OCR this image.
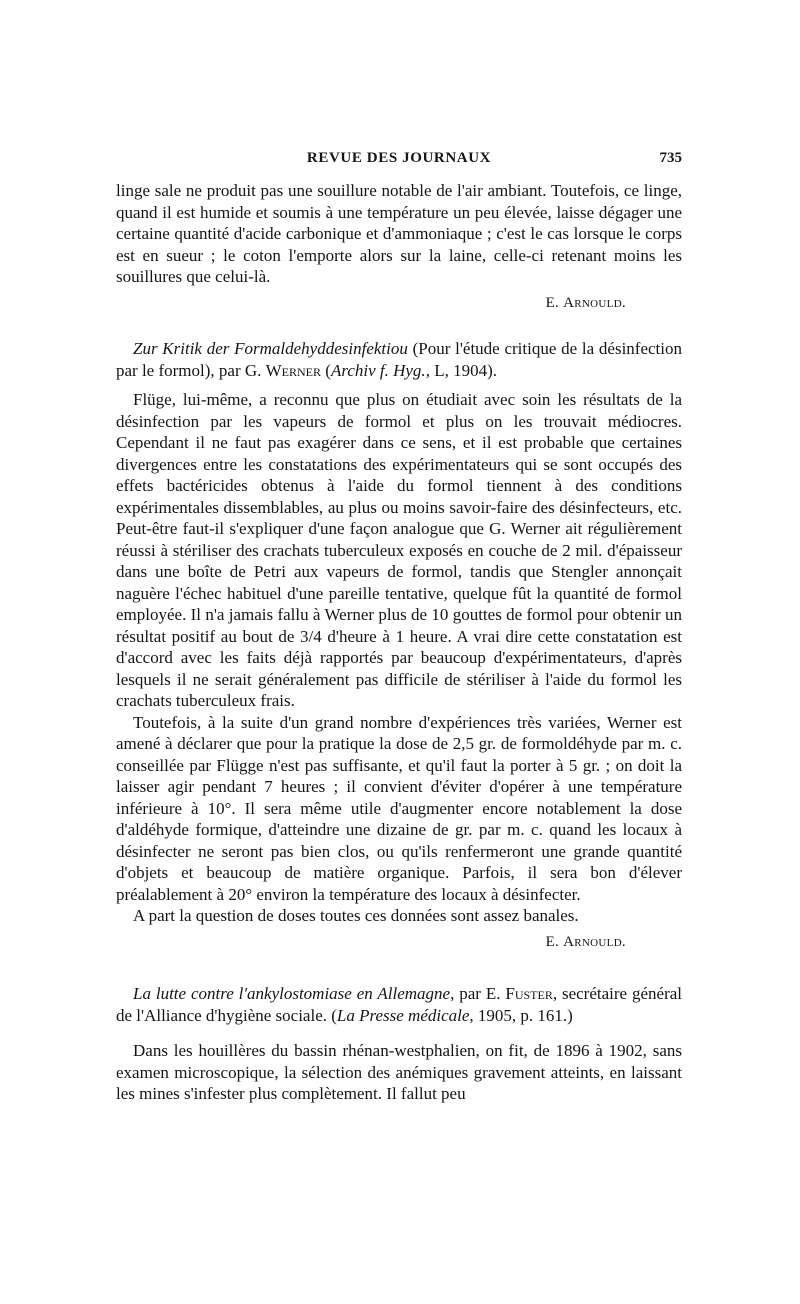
REVUE DES JOURNAUX	735

linge sale ne produit pas une souillure notable de l'air ambiant. Toutefois, ce linge, quand il est humide et soumis à une température un peu élevée, laisse dégager une certaine quantité d'acide carbonique et d'ammoniaque ; c'est le cas lorsque le corps est en sueur ; le coton l'emporte alors sur la laine, celle-ci retenant moins les souillures que celui-là.

E. Arnould.

Zur Kritik der Formaldehyddesinfektiou (Pour l'étude critique de la désinfection par le formol), par G. Werner (Archiv f. Hyg., L, 1904).

Flüge, lui-même, a reconnu que plus on étudiait avec soin les résultats de la désinfection par les vapeurs de formol et plus on les trouvait médiocres. Cependant il ne faut pas exagérer dans ce sens, et il est probable que certaines divergences entre les constatations des expérimentateurs qui se sont occupés des effets bactéricides obtenus à l'aide du formol tiennent à des conditions expérimentales dissemblables, au plus ou moins savoir-faire des désinfecteurs, etc. Peut-être faut-il s'expliquer d'une façon analogue que G. Werner ait régulièrement réussi à stériliser des crachats tuberculeux exposés en couche de 2 mil. d'épaisseur dans une boîte de Petri aux vapeurs de formol, tandis que Stengler annonçait naguère l'échec habituel d'une pareille tentative, quelque fût la quantité de formol employée. Il n'a jamais fallu à Werner plus de 10 gouttes de formol pour obtenir un résultat positif au bout de 3/4 d'heure à 1 heure. A vrai dire cette constatation est d'accord avec les faits déjà rapportés par beaucoup d'expérimentateurs, d'après lesquels il ne serait généralement pas difficile de stériliser à l'aide du formol les crachats tuberculeux frais.

Toutefois, à la suite d'un grand nombre d'expériences très variées, Werner est amené à déclarer que pour la pratique la dose de 2,5 gr. de formoldéhyde par m. c. conseillée par Flügge n'est pas suffisante, et qu'il faut la porter à 5 gr. ; on doit la laisser agir pendant 7 heures ; il convient d'éviter d'opérer à une température inférieure à 10°. Il sera même utile d'augmenter encore notablement la dose d'aldéhyde formique, d'atteindre une dizaine de gr. par m. c. quand les locaux à désinfecter ne seront pas bien clos, ou qu'ils renfermeront une grande quantité d'objets et beaucoup de matière organique. Parfois, il sera bon d'élever préalablement à 20° environ la température des locaux à désinfecter.

A part la question de doses toutes ces données sont assez banales.

E. Arnould.

La lutte contre l'ankylostomiase en Allemagne, par E. Fuster, secrétaire général de l'Alliance d'hygiène sociale. (La Presse médicale, 1905, p. 161.)

Dans les houillères du bassin rhénan-westphalien, on fit, de 1896 à 1902, sans examen microscopique, la sélection des anémiques gravement atteints, en laissant les mines s'infester plus complètement. Il fallut peu
